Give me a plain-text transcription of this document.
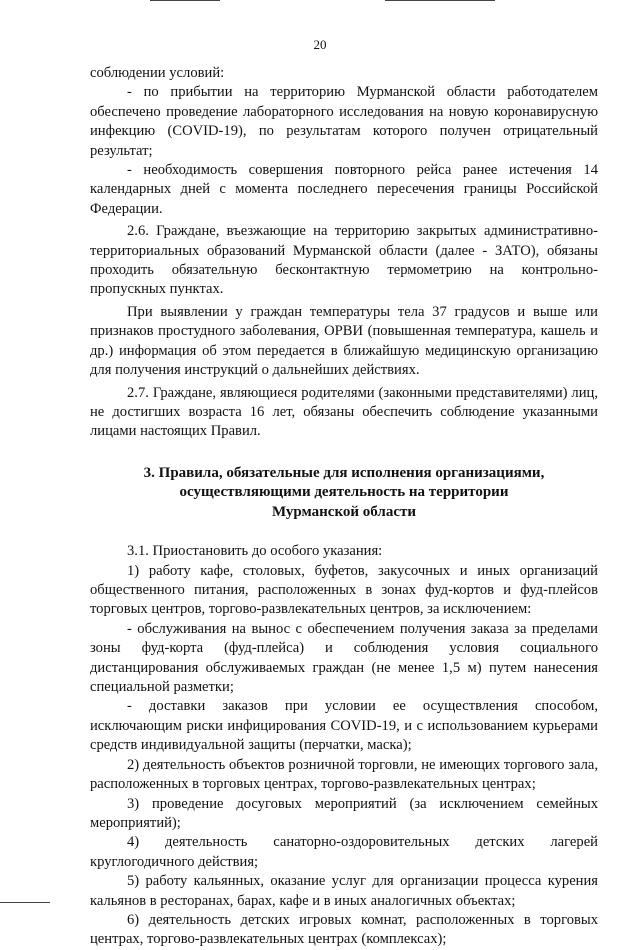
20

соблюдении условий:

- по прибытии на территорию Мурманской области работодателем обеспечено проведение лабораторного исследования на новую коронавирусную инфекцию (COVID-19), по результатам которого получен отрицательный результат;

- необходимость совершения повторного рейса ранее истечения 14 календарных дней с момента последнего пересечения границы Российской Федерации.

2.6. Граждане, въезжающие на территорию закрытых административно-территориальных образований Мурманской области (далее - ЗАТО), обязаны проходить обязательную бесконтактную термометрию на контрольно-пропускных пунктах.

При выявлении у граждан температуры тела 37 градусов и выше или признаков простудного заболевания, ОРВИ (повышенная температура, кашель и др.) информация об этом передается в ближайшую медицинскую организацию для получения инструкций о дальнейших действиях.

2.7. Граждане, являющиеся родителями (законными представителями) лиц, не достигших возраста 16 лет, обязаны обеспечить соблюдение указанными лицами настоящих Правил.

3. Правила, обязательные для исполнения организациями,
осуществляющими деятельность на территории
Мурманской области

3.1. Приостановить до особого указания:

1) работу кафе, столовых, буфетов, закусочных и иных организаций общественного питания, расположенных в зонах фуд-кортов и фуд-плейсов торговых центров, торгово-развлекательных центров, за исключением:

- обслуживания на вынос с обеспечением получения заказа за пределами зоны фуд-корта (фуд-плейса) и соблюдения условия социального дистанцирования обслуживаемых граждан (не менее 1,5 м) путем нанесения специальной разметки;

- доставки заказов при условии ее осуществления способом, исключающим риски инфицирования COVID-19, и с использованием курьерами средств индивидуальной защиты (перчатки, маска);

2) деятельность объектов розничной торговли, не имеющих торгового зала, расположенных в торговых центрах, торгово-развлекательных центрах;

3) проведение досуговых мероприятий (за исключением семейных мероприятий);

4) деятельность санаторно-оздоровительных детских лагерей круглогодичного действия;

5) работу кальянных, оказание услуг для организации процесса курения кальянов в ресторанах, барах, кафе и в иных аналогичных объектах;

6) деятельность детских игровых комнат, расположенных в торговых центрах, торгово-развлекательных центрах (комплексах);
